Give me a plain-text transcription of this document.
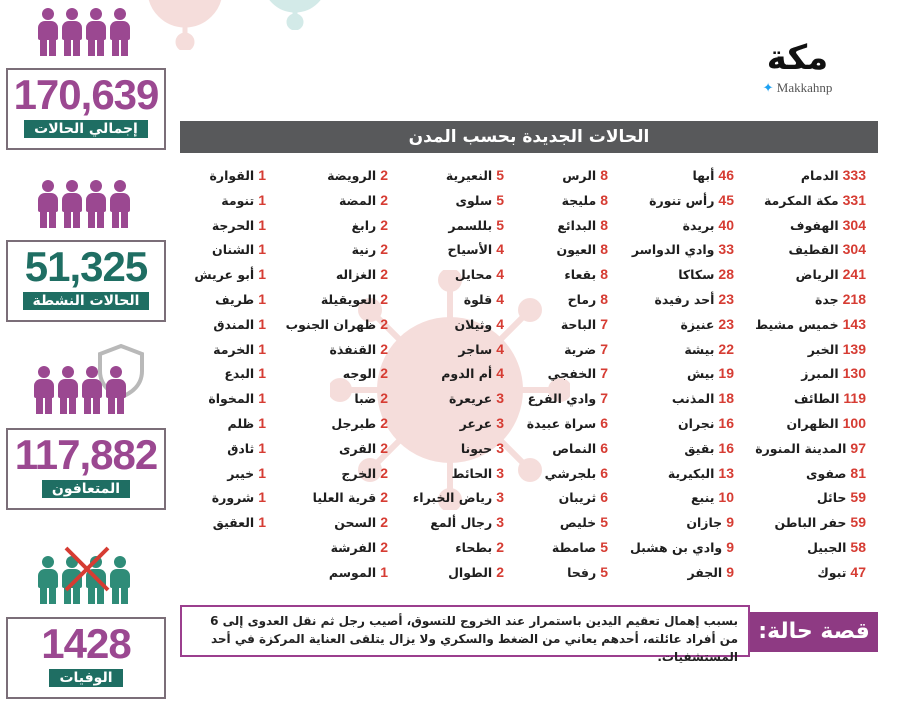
170,639
إجمالي الحالات
51,325
الحالات النشطة
117,882
المتعافون
1428
الوفيات
مكة
✦ Makkahnp
الحالات الجديدة بحسب المدن
333الدمام
331مكة المكرمة
304الهفوف
304القطيف
241الرياض
218جدة
143خميس مشيط
139الخبر
130المبرز
119الطائف
100الظهران
97المدينة المنورة
81صفوى
59حائل
59حفر الباطن
58الجبيل
47تبوك
46أبها
45رأس تنورة
40بريدة
33وادي الدواسر
28سكاكا
23أحد رفيدة
23عنيزة
22بيشة
19بيش
18المذنب
16نجران
16بقيق
13البكيرية
10ينبع
9جازان
9وادي بن هشبل
9الجفر
8الرس
8مليجة
8البدائع
8العيون
8بقعاء
8رماح
7الباحة
7ضرية
7الخفجي
7وادي الفرع
6سراة عبيدة
6النماص
6بلجرشي
6ثريبان
5خليص
5صامطة
5رفحا
5النعيرية
5سلوى
5بللسمر
4الأسياح
4محايل
4قلوة
4وثيلان
4ساجر
4أم الدوم
3عريعرة
3عرعر
3حبونا
3الحائط
3رياض الخبراء
3رجال ألمع
2بطحاء
2الطوال
2الرويضة
2المضة
2رابغ
2رنية
2الغزاله
2العويقيلة
2ظهران الجنوب
2القنفذة
2الوجه
2ضبا
2طبرجل
2القرى
2الخرج
2قرية العليا
2السحن
2الفرشة
1الموسم
1القوارة
1تنومة
1الحرجة
1الشنان
1أبو عريش
1طريف
1المندق
1الخرمة
1البدع
1المخواة
1ظلم
1ثادق
1خيبر
1شرورة
1العقيق
بسبب إهمال تعقيم اليدين باستمرار عند الخروج للتسوق، أصيب رجل ثم نقل العدوى إلى 6 من أفراد عائلته، أحدهم يعاني من الضغط والسكري ولا يزال يتلقى العناية المركزة في أحد المستشفيات.
قصة حالة:
